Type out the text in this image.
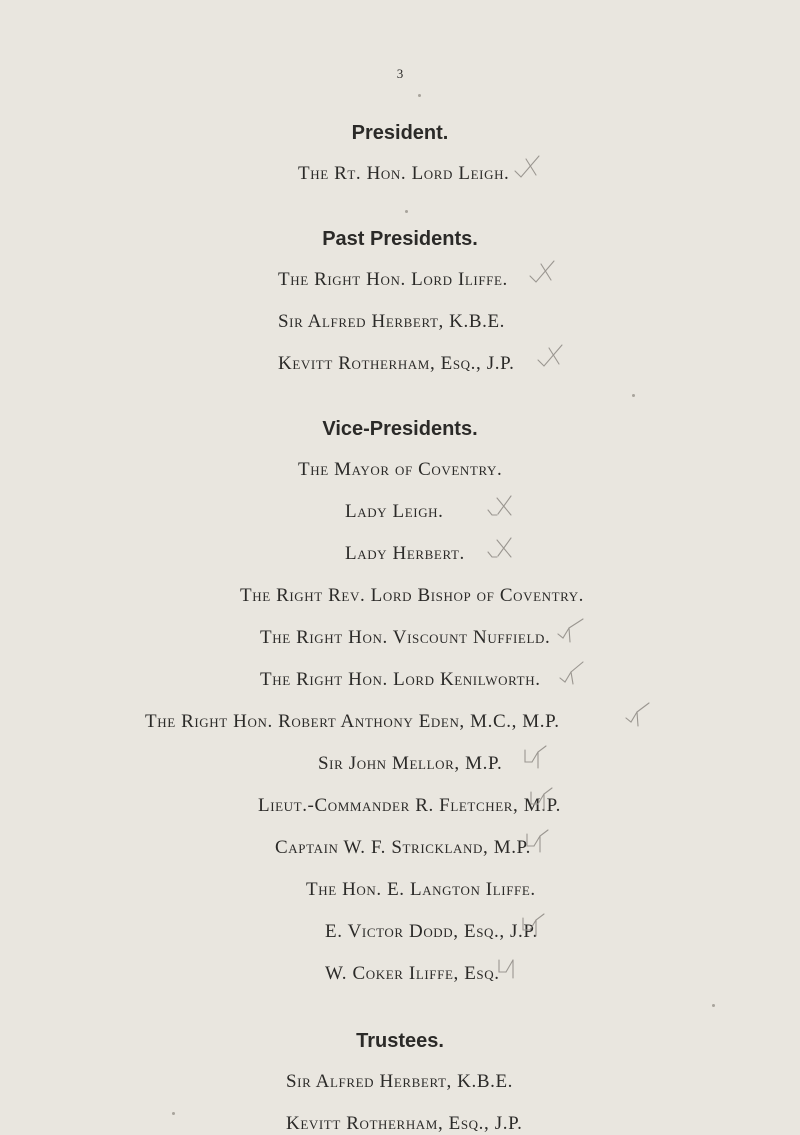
3
President.
The Rt. Hon. Lord Leigh.
Past Presidents.
The Right Hon. Lord Iliffe.
Sir Alfred Herbert, K.B.E.
Kevitt Rotherham, Esq., J.P.
Vice-Presidents.
The Mayor of Coventry.
Lady Leigh.
Lady Herbert.
The Right Rev. Lord Bishop of Coventry.
The Right Hon. Viscount Nuffield.
The Right Hon. Lord Kenilworth.
The Right Hon. Robert Anthony Eden, M.C., M.P.
Sir John Mellor, M.P.
Lieut.-Commander R. Fletcher, M.P.
Captain W. F. Strickland, M.P.
The Hon. E. Langton Iliffe.
E. Victor Dodd, Esq., J.P.
W. Coker Iliffe, Esq.
Trustees.
Sir Alfred Herbert, K.B.E.
Kevitt Rotherham, Esq., J.P.
